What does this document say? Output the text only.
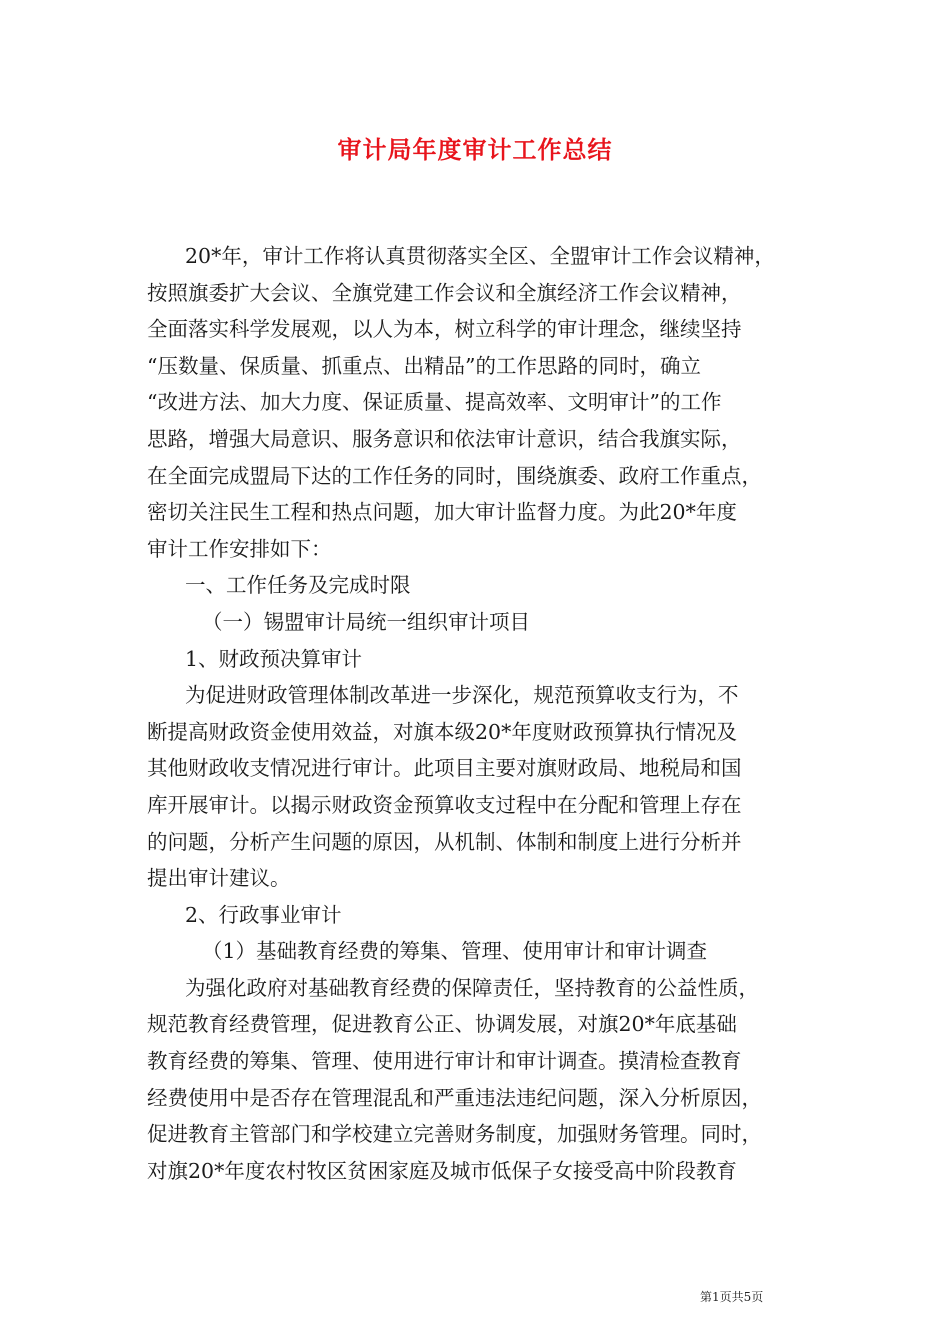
审计局年度审计工作总结
20*年，审计工作将认真贯彻落实全区、全盟审计工作会议精神，
按照旗委扩大会议、全旗党建工作会议和全旗经济工作会议精神，
全面落实科学发展观，以人为本，树立科学的审计理念，继续坚持
“压数量、保质量、抓重点、出精品”的工作思路的同时，确立
“改进方法、加大力度、保证质量、提高效率、文明审计”的工作
思路，增强大局意识、服务意识和依法审计意识，结合我旗实际，
在全面完成盟局下达的工作任务的同时，围绕旗委、政府工作重点，
密切关注民生工程和热点问题，加大审计监督力度。为此20*年度
审计工作安排如下：
一、工作任务及完成时限
（一）锡盟审计局统一组织审计项目
1、财政预决算审计
为促进财政管理体制改革进一步深化，规范预算收支行为，不
断提高财政资金使用效益，对旗本级20*年度财政预算执行情况及
其他财政收支情况进行审计。此项目主要对旗财政局、地税局和国
库开展审计。以揭示财政资金预算收支过程中在分配和管理上存在
的问题，分析产生问题的原因，从机制、体制和制度上进行分析并
提出审计建议。
2、行政事业审计
（1）基础教育经费的筹集、管理、使用审计和审计调查
为强化政府对基础教育经费的保障责任，坚持教育的公益性质，
规范教育经费管理，促进教育公正、协调发展，对旗20*年底基础
教育经费的筹集、管理、使用进行审计和审计调查。摸清检查教育
经费使用中是否存在管理混乱和严重违法违纪问题，深入分析原因，
促进教育主管部门和学校建立完善财务制度，加强财务管理。同时，
对旗20*年度农村牧区贫困家庭及城市低保子女接受高中阶段教育
第1页共5页
